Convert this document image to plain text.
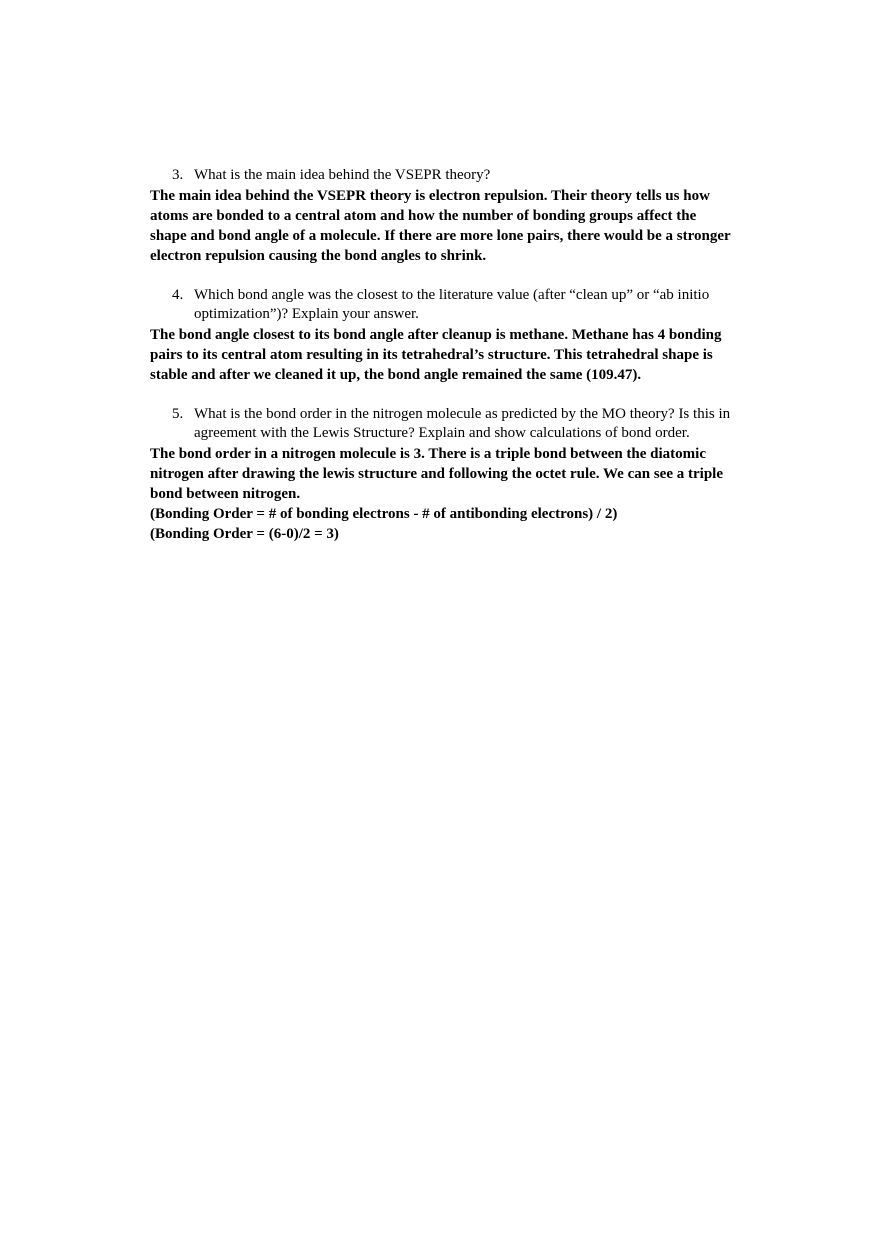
3. What is the main idea behind the VSEPR theory?
The main idea behind the VSEPR theory is electron repulsion. Their theory tells us how
atoms are bonded to a central atom and how the number of bonding groups affect the
shape and bond angle of a molecule. If there are more lone pairs, there would be a stronger
electron repulsion causing the bond angles to shrink.
4. Which bond angle was the closest to the literature value (after “clean up” or “ab initio optimization”)? Explain your answer.
The bond angle closest to its bond angle after cleanup is methane. Methane has 4 bonding
pairs to its central atom resulting in its tetrahedral’s structure. This tetrahedral shape is
stable and after we cleaned it up, the bond angle remained the same (109.47).
5. What is the bond order in the nitrogen molecule as predicted by the MO theory? Is this in agreement with the Lewis Structure? Explain and show calculations of bond order.
The bond order in a nitrogen molecule is 3. There is a triple bond between the diatomic
nitrogen after drawing the lewis structure and following the octet rule. We can see a triple
bond between nitrogen.
(Bonding Order = # of bonding electrons - # of antibonding electrons) / 2)
(Bonding Order = (6-0)/2 = 3)
